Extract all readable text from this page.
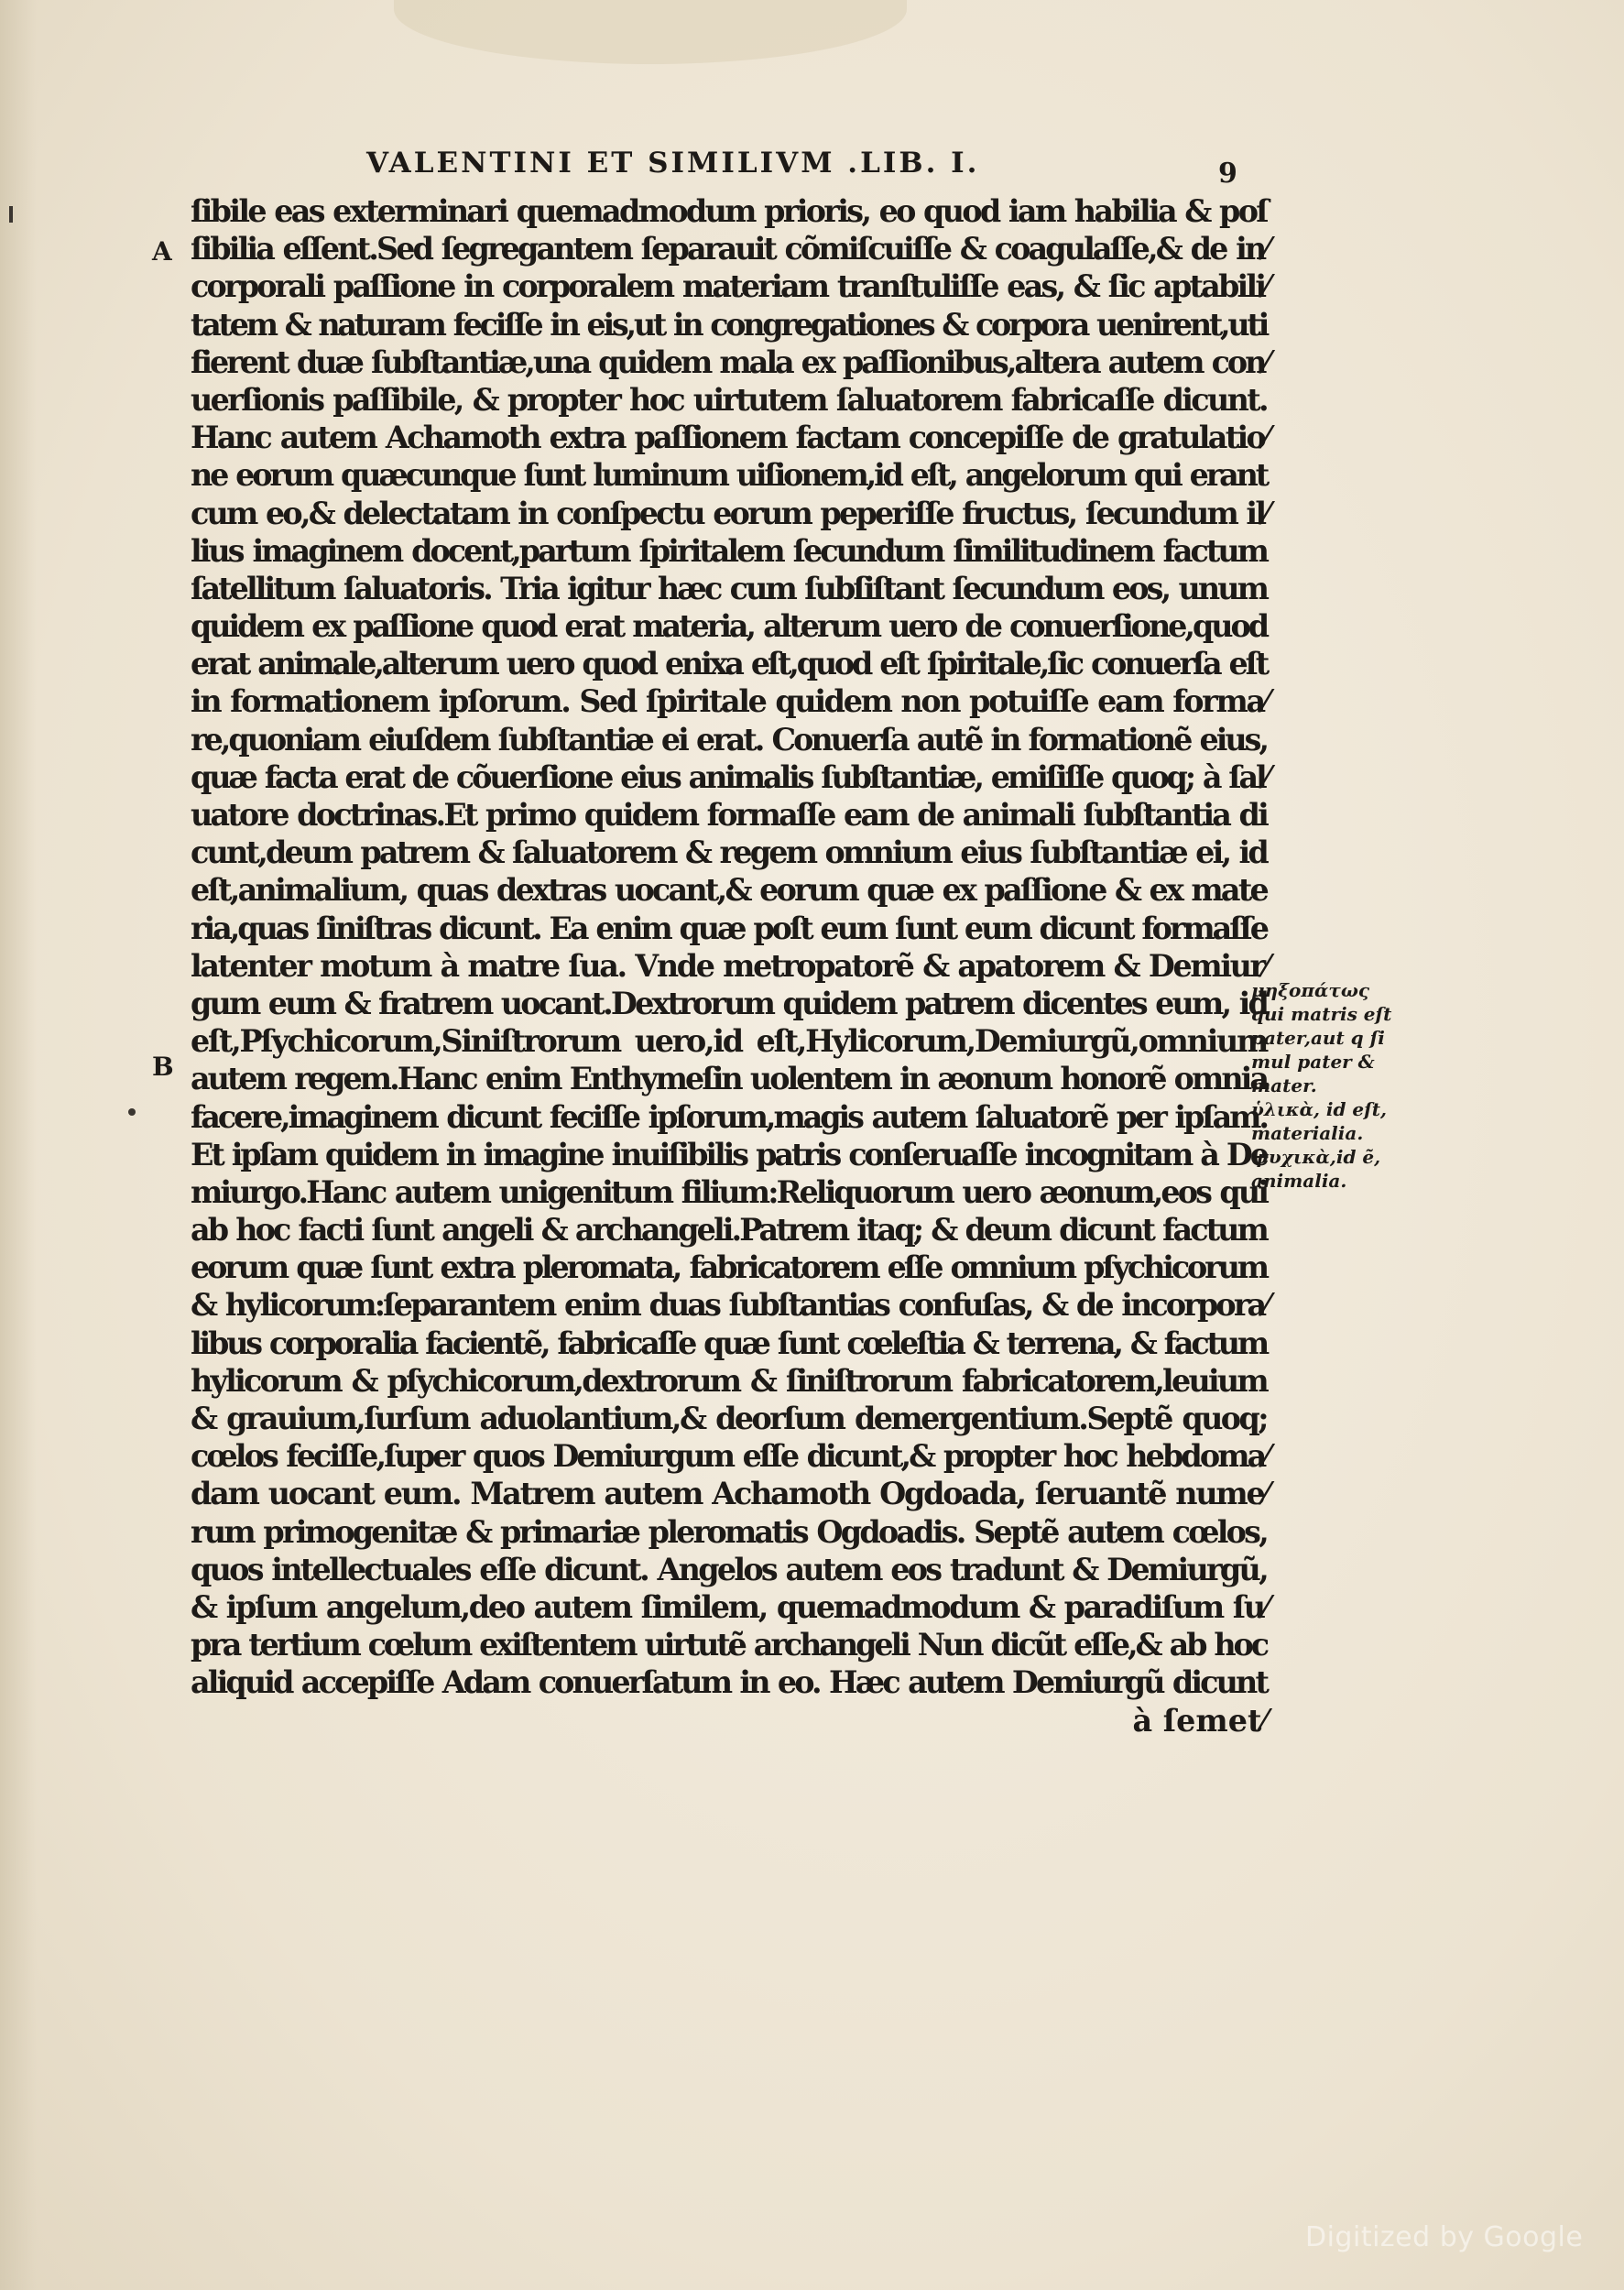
VALENTINI ET SIMILIVM .LIB. I.	9
A
B
ſibile eas exterminari quemadmodum prioris, eo quod iam habilia & poſ
ſibilia eſſent.Sed ſegregantem ſeparauit cõmiſcuiſſe & coagulaſſe,& de in⁄
corporali paſſione in corporalem materiam tranſtuliſſe eas, & ſic aptabili⁄
tatem & naturam feciſſe in eis,ut in congregationes & corpora uenirent,uti
fierent duæ ſubſtantiæ,una quidem mala ex paſſionibus,altera autem con⁄
uerſionis paſſibile, & propter hoc uirtutem ſaluatorem fabricaſſe dicunt.
Hanc autem Achamoth extra paſſionem factam concepiſſe de gratulatio⁄
ne eorum quæcunque ſunt luminum uiſionem,id eſt, angelorum qui erant
cum eo,& delectatam in conſpectu eorum peperiſſe fructus, ſecundum il⁄
lius imaginem docent,partum ſpiritalem ſecundum ſimilitudinem factum
ſatellitum ſaluatoris. Tria igitur hæc cum ſubſiſtant ſecundum eos, unum
quidem ex paſſione quod erat materia, alterum uero de conuerſione,quod
erat animale,alterum uero quod enixa eſt,quod eſt ſpiritale,ſic conuerſa eſt
in formationem ipſorum. Sed ſpiritale quidem non potuiſſe eam forma⁄
re,quoniam eiuſdem ſubſtantiæ ei erat. Conuerſa autẽ in formationẽ eius,
quæ facta erat de cõuerſione eius animalis ſubſtantiæ, emiſiſſe quoq; à ſal⁄
uatore doctrinas.Et primo quidem formaſſe eam de animali ſubſtantia di
cunt,deum patrem & ſaluatorem & regem omnium eius ſubſtantiæ ei, id
eſt,animalium, quas dextras uocant,& eorum quæ ex paſſione & ex mate
ria,quas ſiniſtras dicunt. Ea enim quæ poſt eum ſunt eum dicunt formaſſe
latenter motum à matre ſua. Vnde metropatorẽ & apatorem & Demiur⁄
gum eum & fratrem uocant.Dextrorum quidem patrem dicentes eum, id
eſt,Pſychicorum,Siniſtrorum uero,id eſt,Hylicorum,Demiurgũ,omnium
autem regem.Hanc enim Enthymeſin uolentem in æonum honorẽ omnia
facere,imaginem dicunt feciſſe ipſorum,magis autem ſaluatorẽ per ipſam.
Et ipſam quidem in imagine inuiſibilis patris conſeruaſſe incognitam à De
miurgo.Hanc autem unigenitum filium:Reliquorum uero æonum,eos qui
ab hoc facti ſunt angeli & archangeli.Patrem itaq; & deum dicunt factum
eorum quæ ſunt extra pleromata, fabricatorem eſſe omnium pſychicorum
& hylicorum:ſeparantem enim duas ſubſtantias confuſas, & de incorpora⁄
libus corporalia facientẽ, fabricaſſe quæ ſunt cœleſtia & terrena, & factum
hylicorum & pſychicorum,dextrorum & ſiniſtrorum fabricatorem,leuium
& grauium,ſurſum aduolantium,& deorſum demergentium.Septẽ quoq;
cœlos feciſſe,ſuper quos Demiurgum eſſe dicunt,& propter hoc hebdoma⁄
dam uocant eum. Matrem autem Achamoth Ogdoada, ſeruantẽ nume⁄
rum primogenitæ & primariæ pleromatis Ogdoadis. Septẽ autem cœlos,
quos intellectuales eſſe dicunt. Angelos autem eos tradunt & Demiurgũ,
& ipſum angelum,deo autem ſimilem, quemadmodum & paradiſum ſu⁄
pra tertium cœlum exiſtentem uirtutẽ archangeli Nun dicũt eſſe,& ab hoc
aliquid accepiſſe Adam conuerſatum in eo. Hæc autem Demiurgũ dicunt
à ſemet⁄
μηξοπάτως
qui matris eſt
pater,aut q ſi
mul pater &
mater.
ὑλικὰ, id eſt,
materialia.
ψυχικὰ,id ẽ,
animalia.
Digitized by Google
